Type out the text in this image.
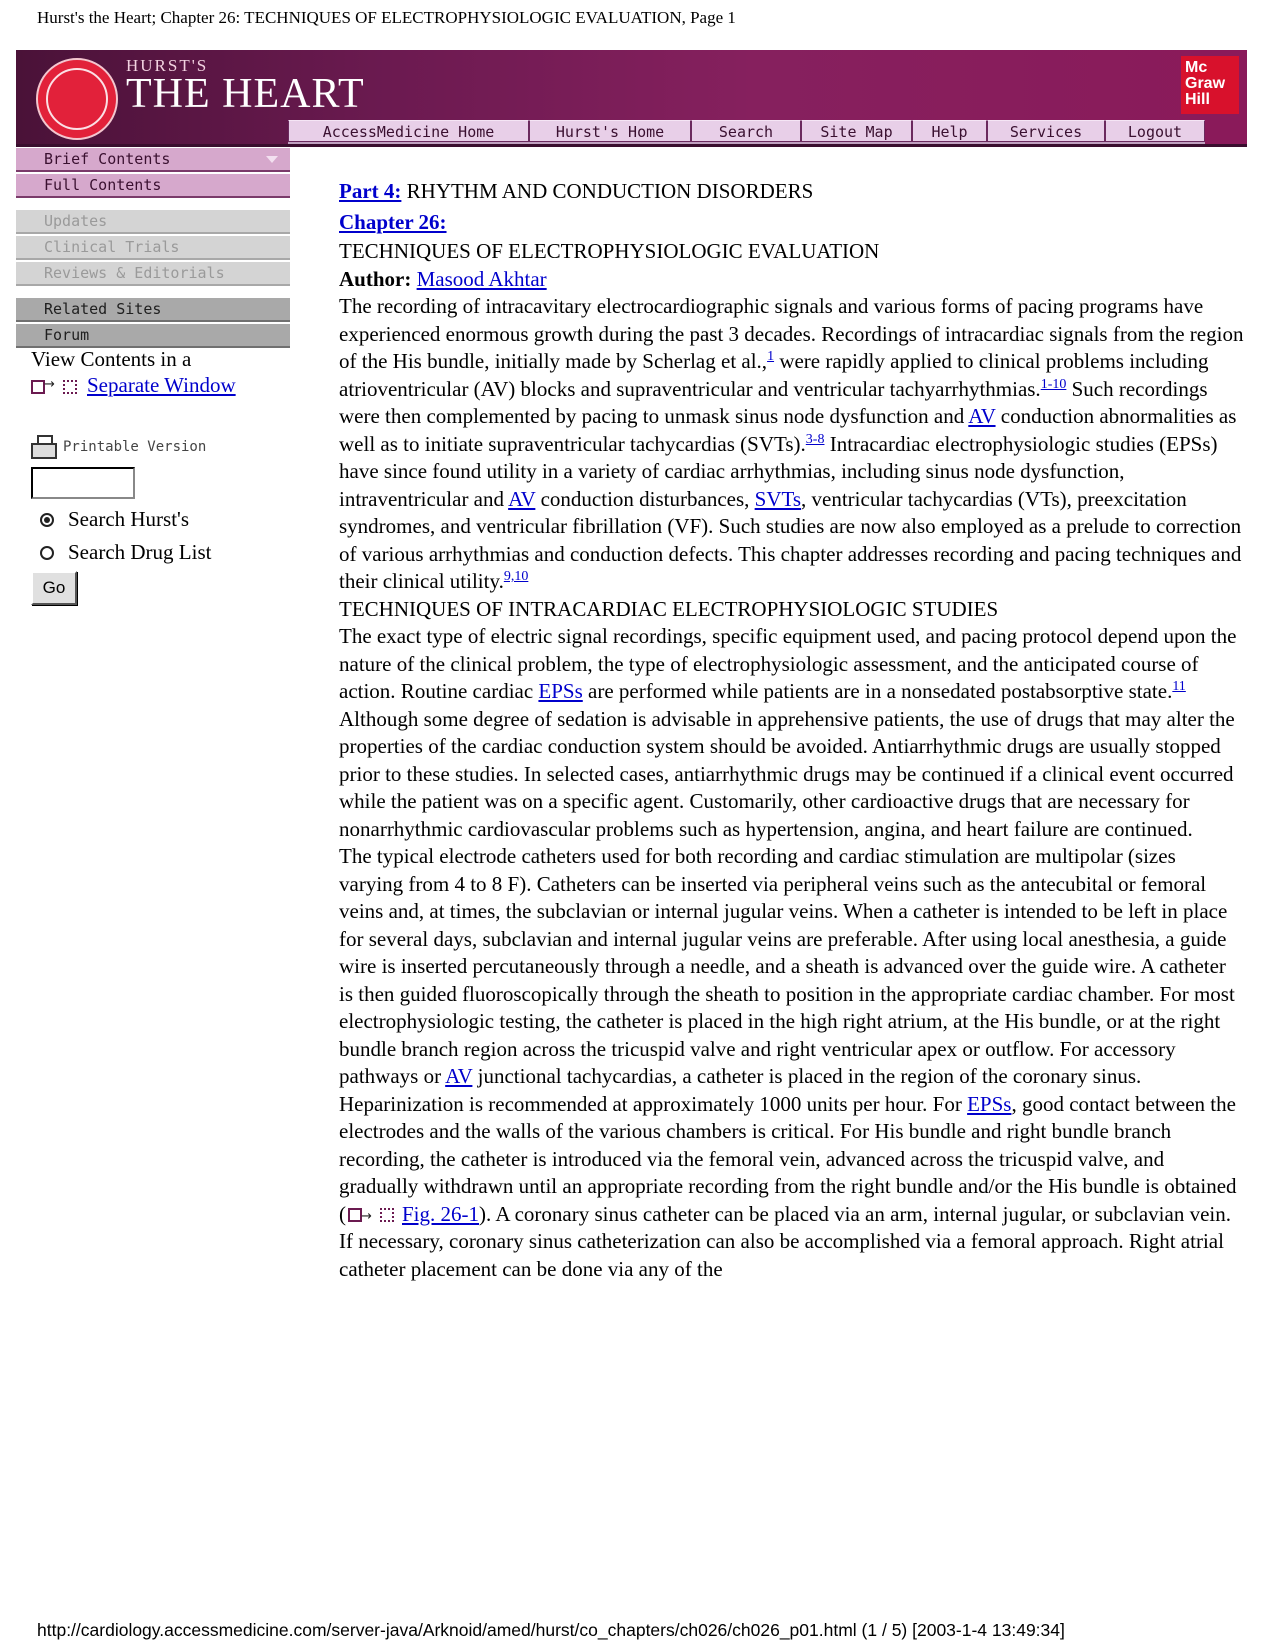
Hurst's the Heart; Chapter 26: TECHNIQUES OF ELECTROPHYSIOLOGIC EVALUATION, Page 1
HURST'S
THE HEART
Mc
Graw
Hill
AccessMedicine Home	Hurst's Home	Search	Site Map	Help	Services	Logout
Brief Contents
Full Contents
Updates
Clinical Trials
Reviews & Editorials
Related Sites
Forum
View Contents in a
→ Separate Window
Printable Version
Search Hurst's
Search Drug List
Go

Part 4: RHYTHM AND CONDUCTION DISORDERS

Chapter 26:

TECHNIQUES OF ELECTROPHYSIOLOGIC EVALUATION

Author: Masood Akhtar

The recording of intracavitary electrocardiographic signals and various forms of pacing programs have experienced enormous growth during the past 3 decades. Recordings of intracardiac signals from the region of the His bundle, initially made by Scherlag et al.,$^1$ were rapidly applied to clinical problems including atrioventricular (AV) blocks and supraventricular and ventricular tachyarrhythmias.$^{1-10}$ Such recordings were then complemented by pacing to unmask sinus node dysfunction and AV conduction abnormalities as well as to initiate supraventricular tachycardias (SVTs).$^{3-8}$ Intracardiac electrophysiologic studies (EPSs) have since found utility in a variety of cardiac arrhythmias, including sinus node dysfunction, intraventricular and AV conduction disturbances, SVTs, ventricular tachycardias (VTs), preexcitation syndromes, and ventricular fibrillation (VF). Such studies are now also employed as a prelude to correction of various arrhythmias and conduction defects. This chapter addresses recording and pacing techniques and their clinical utility.$^{9,10}$

TECHNIQUES OF INTRACARDIAC ELECTROPHYSIOLOGIC STUDIES

The exact type of electric signal recordings, specific equipment used, and pacing protocol depend upon the nature of the clinical problem, the type of electrophysiologic assessment, and the anticipated course of action. Routine cardiac EPSs are performed while patients are in a nonsedated postabsorptive state.$^{11}$ Although some degree of sedation is advisable in apprehensive patients, the use of drugs that may alter the properties of the cardiac conduction system should be avoided. Antiarrhythmic drugs are usually stopped prior to these studies. In selected cases, antiarrhythmic drugs may be continued if a clinical event occurred while the patient was on a specific agent. Customarily, other cardioactive drugs that are necessary for nonarrhythmic cardiovascular problems such as hypertension, angina, and heart failure are continued.

The typical electrode catheters used for both recording and cardiac stimulation are multipolar (sizes varying from 4 to 8 F). Catheters can be inserted via peripheral veins such as the antecubital or femoral veins and, at times, the subclavian or internal jugular veins. When a catheter is intended to be left in place for several days, subclavian and internal jugular veins are preferable. After using local anesthesia, a guide wire is inserted percutaneously through a needle, and a sheath is advanced over the guide wire. A catheter is then guided fluoroscopically through the sheath to position in the appropriate cardiac chamber. For most electrophysiologic testing, the catheter is placed in the high right atrium, at the His bundle, or at the right bundle branch region across the tricuspid valve and right ventricular apex or outflow. For accessory pathways or AV junctional tachycardias, a catheter is placed in the region of the coronary sinus. Heparinization is recommended at approximately 1000 units per hour. For EPSs, good contact between the electrodes and the walls of the various chambers is critical. For His bundle and right bundle branch recording, the catheter is introduced via the femoral vein, advanced across the tricuspid valve, and gradually withdrawn until an appropriate recording from the right bundle and/or the His bundle is obtained ( → Fig. 26-1). A coronary sinus catheter can be placed via an arm, internal jugular, or subclavian vein. If necessary, coronary sinus catheterization can also be accomplished via a femoral approach. Right atrial catheter placement can be done via any of the

http://cardiology.accessmedicine.com/server-java/Arknoid/amed/hurst/co_chapters/ch026/ch026_p01.html (1 / 5) [2003-1-4 13:49:34]
